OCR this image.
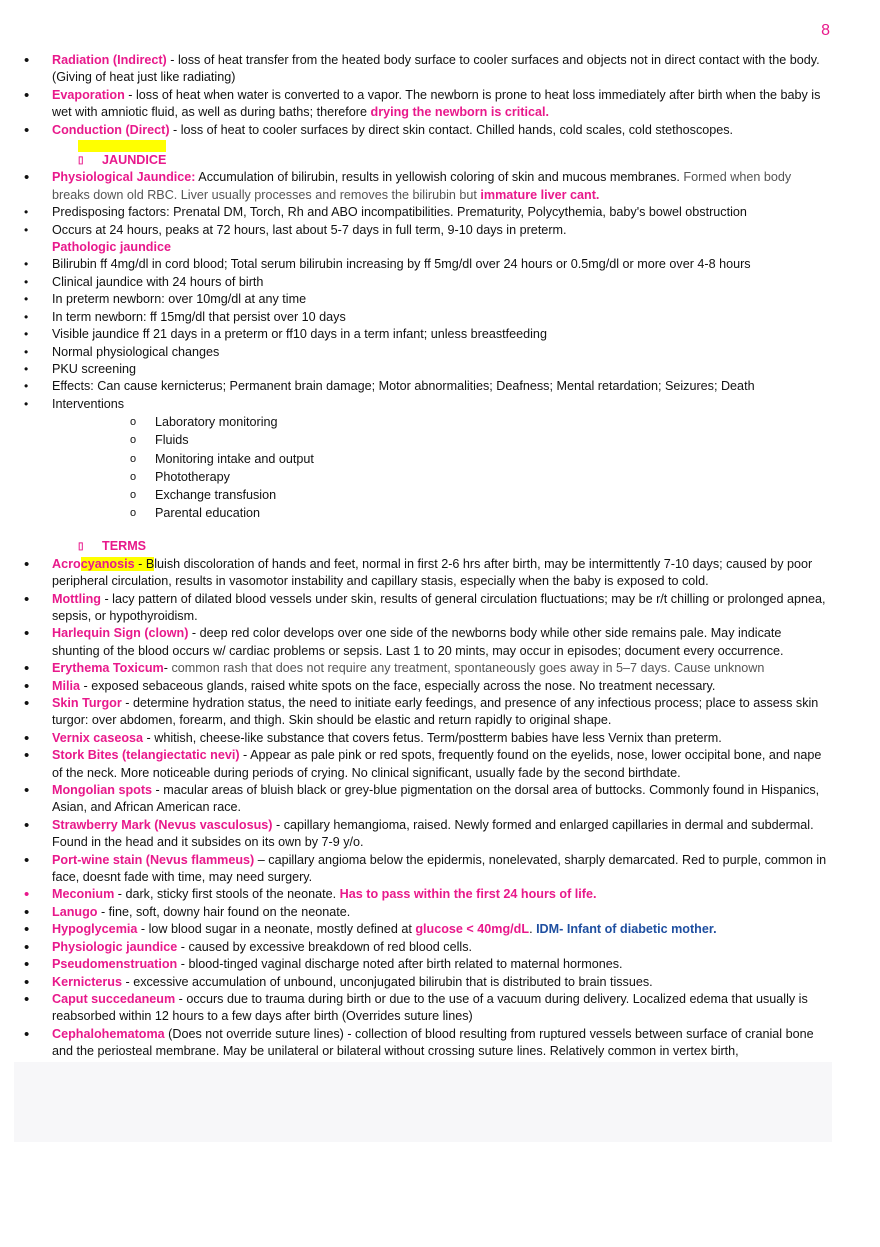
8
• Radiation (Indirect) - loss of heat transfer from the heated body surface to cooler surfaces and objects not in direct contact with the body. (Giving of heat just like radiating)
• Evaporation - loss of heat when water is converted to a vapor. The newborn is prone to heat loss immediately after birth when the baby is wet with amniotic fluid, as well as during baths; therefore drying the newborn is critical.
• Conduction (Direct) - loss of heat to cooler surfaces by direct skin contact. Chilled hands, cold scales, cold stethoscopes.
▯ JAUNDICE
• Physiological Jaundice: Accumulation of bilirubin, results in yellowish coloring of skin and mucous membranes. Formed when body breaks down old RBC. Liver usually processes and removes the bilirubin but immature liver cant.
• Predisposing factors: Prenatal DM, Torch, Rh and ABO incompatibilities. Prematurity, Polycythemia, baby's bowel obstruction
• Occurs at 24 hours, peaks at 72 hours, last about 5-7 days in full term, 9-10 days in preterm.
Pathologic jaundice
• Bilirubin ff 4mg/dl in cord blood; Total serum bilirubin increasing by ff 5mg/dl over 24 hours or 0.5mg/dl or more over 4-8 hours
• Clinical jaundice with 24 hours of birth
• In preterm newborn: over 10mg/dl at any time
• In term newborn: ff 15mg/dl that persist over 10 days
• Visible jaundice ff 21 days in a preterm or ff10 days in a term infant; unless breastfeeding
• Normal physiological changes
• PKU screening
• Effects: Can cause kernicterus; Permanent brain damage; Motor abnormalities; Deafness; Mental retardation; Seizures; Death
• Interventions
o Laboratory monitoring
o Fluids
o Monitoring intake and output
o Phototherapy
o Exchange transfusion
o Parental education
▯ TERMS
• Acrocyanosis - Bluish discoloration of hands and feet, normal in first 2-6 hrs after birth, may be intermittently 7-10 days; caused by poor peripheral circulation, results in vasomotor instability and capillary stasis, especially when the baby is exposed to cold.
• Mottling - lacy pattern of dilated blood vessels under skin, results of general circulation fluctuations; may be r/t chilling or prolonged apnea, sepsis, or hypothyroidism.
• Harlequin Sign (clown) - deep red color develops over one side of the newborns body while other side remains pale. May indicate shunting of the blood occurs w/ cardiac problems or sepsis. Last 1 to 20 mints, may occur in episodes; document every occurrence.
• Erythema Toxicum- common rash that does not require any treatment, spontaneously goes away in 5–7 days. Cause unknown
• Milia - exposed sebaceous glands, raised white spots on the face, especially across the nose. No treatment necessary.
• Skin Turgor - determine hydration status, the need to initiate early feedings, and presence of any infectious process; place to assess skin turgor: over abdomen, forearm, and thigh. Skin should be elastic and return rapidly to original shape.
• Vernix caseosa - whitish, cheese-like substance that covers fetus. Term/postterm babies have less Vernix than preterm.
• Stork Bites (telangiectatic nevi) - Appear as pale pink or red spots, frequently found on the eyelids, nose, lower occipital bone, and nape of the neck. More noticeable during periods of crying. No clinical significant, usually fade by the second birthdate.
• Mongolian spots - macular areas of bluish black or grey-blue pigmentation on the dorsal area of buttocks. Commonly found in Hispanics, Asian, and African American race.
• Strawberry Mark (Nevus vasculosus) - capillary hemangioma, raised. Newly formed and enlarged capillaries in dermal and subdermal. Found in the head and it subsides on its own by 7-9 y/o.
• Port-wine stain (Nevus flammeus) – capillary angioma below the epidermis, nonelevated, sharply demarcated. Red to purple, common in face, doesnt fade with time, may need surgery.
• Meconium - dark, sticky first stools of the neonate. Has to pass within the first 24 hours of life.
• Lanugo - fine, soft, downy hair found on the neonate.
• Hypoglycemia - low blood sugar in a neonate, mostly defined at glucose < 40mg/dL. IDM- Infant of diabetic mother.
• Physiologic jaundice - caused by excessive breakdown of red blood cells.
• Pseudomenstruation - blood-tinged vaginal discharge noted after birth related to maternal hormones.
• Kernicterus - excessive accumulation of unbound, unconjugated bilirubin that is distributed to brain tissues.
• Caput succedaneum - occurs due to trauma during birth or due to the use of a vacuum during delivery. Localized edema that usually is reabsorbed within 12 hours to a few days after birth (Overrides suture lines)
• Cephalohematoma (Does not override suture lines) - collection of blood resulting from ruptured vessels between surface of cranial bone and the periosteal membrane. May be unilateral or bilateral without crossing suture lines. Relatively common in vertex birth,
